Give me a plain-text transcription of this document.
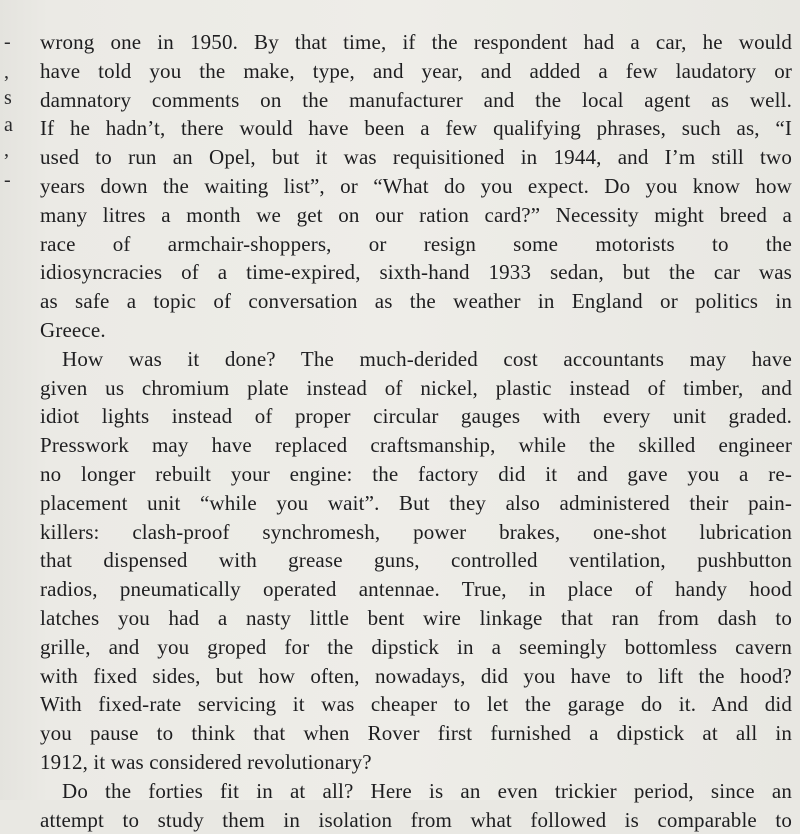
-
,
s
a
,
-
wrong one in 1950. By that time, if the respondent had a car, he would
have told you the make, type, and year, and added a few laudatory or
damnatory comments on the manufacturer and the local agent as well.
If he hadn’t, there would have been a few qualifying phrases, such as, “I
used to run an Opel, but it was requisitioned in 1944, and I’m still two
years down the waiting list”, or “What do you expect. Do you know how
many litres a month we get on our ration card?” Necessity might breed a
race of armchair-shoppers, or resign some motorists to the
idiosyncracies of a time-expired, sixth-hand 1933 sedan, but the car was
as safe a topic of conversation as the weather in England or politics in
Greece.
How was it done? The much-derided cost accountants may have
given us chromium plate instead of nickel, plastic instead of timber, and
idiot lights instead of proper circular gauges with every unit graded.
Presswork may have replaced craftsmanship, while the skilled engineer
no longer rebuilt your engine: the factory did it and gave you a re-
placement unit “while you wait”. But they also administered their pain-
killers: clash-proof synchromesh, power brakes, one-shot lubrication
that dispensed with grease guns, controlled ventilation, pushbutton
radios, pneumatically operated antennae. True, in place of handy hood
latches you had a nasty little bent wire linkage that ran from dash to
grille, and you groped for the dipstick in a seemingly bottomless cavern
with fixed sides, but how often, nowadays, did you have to lift the hood?
With fixed-rate servicing it was cheaper to let the garage do it. And did
you pause to think that when Rover first furnished a dipstick at all in
1912, it was considered revolutionary?
Do the forties fit in at all? Here is an even trickier period, since an
attempt to study them in isolation from what followed is comparable to
